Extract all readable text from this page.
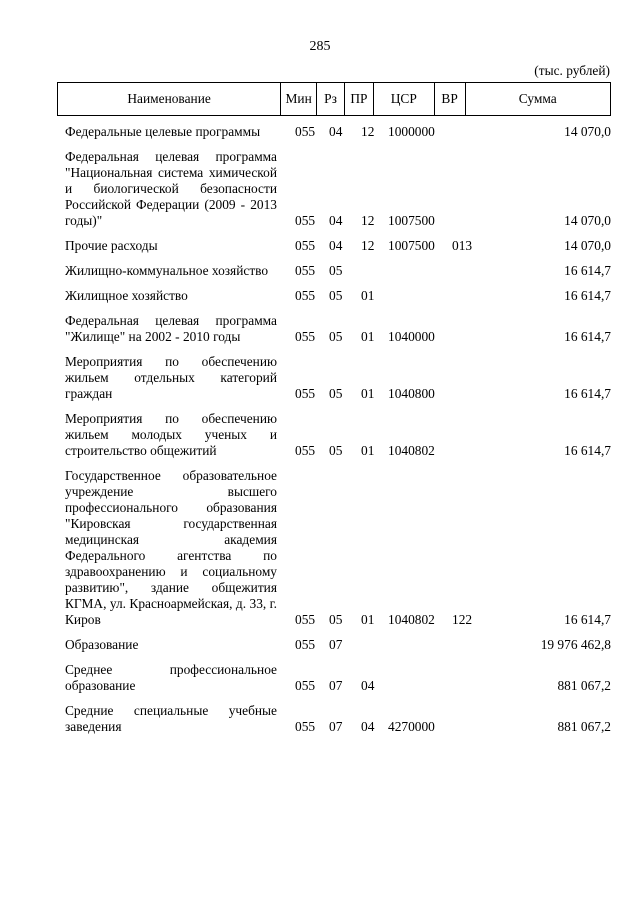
285
(тыс. рублей)
Наименование	Мин Рз	ПР	ЦСР	ВР	Сумма
Федеральные целевые программы	055 04 12 1000000	14 070,0
Федеральная целевая программа "Национальная система химической и биологической безопасности Российской Федерации (2009 - 2013 годы)"	055 04 12 1007500	14 070,0
Прочие расходы	055 04 12 1007500 013	14 070,0
Жилищно-коммунальное хозяйство	055 05	16 614,7
Жилищное хозяйство	055 05 01	16 614,7
Федеральная целевая программа "Жилище" на 2002 - 2010 годы	055 05 01 1040000	16 614,7
Мероприятия по обеспечению жильем отдельных категорий граждан	055 05 01 1040800	16 614,7
Мероприятия по обеспечению жильем молодых ученых и строительство общежитий	055 05 01 1040802	16 614,7
Государственное образовательное учреждение высшего профессионального образования "Кировская государственная медицинская академия Федерального агентства по здравоохранению и социальному развитию", здание общежития КГМА, ул. Красноармейская, д. 33, г. Киров	055 05 01 1040802 122	16 614,7
Образование	055 07	19 976 462,8
Среднее профессиональное образование	055 07 04	881 067,2
Средние специальные учебные заведения	055 07 04 4270000	881 067,2
